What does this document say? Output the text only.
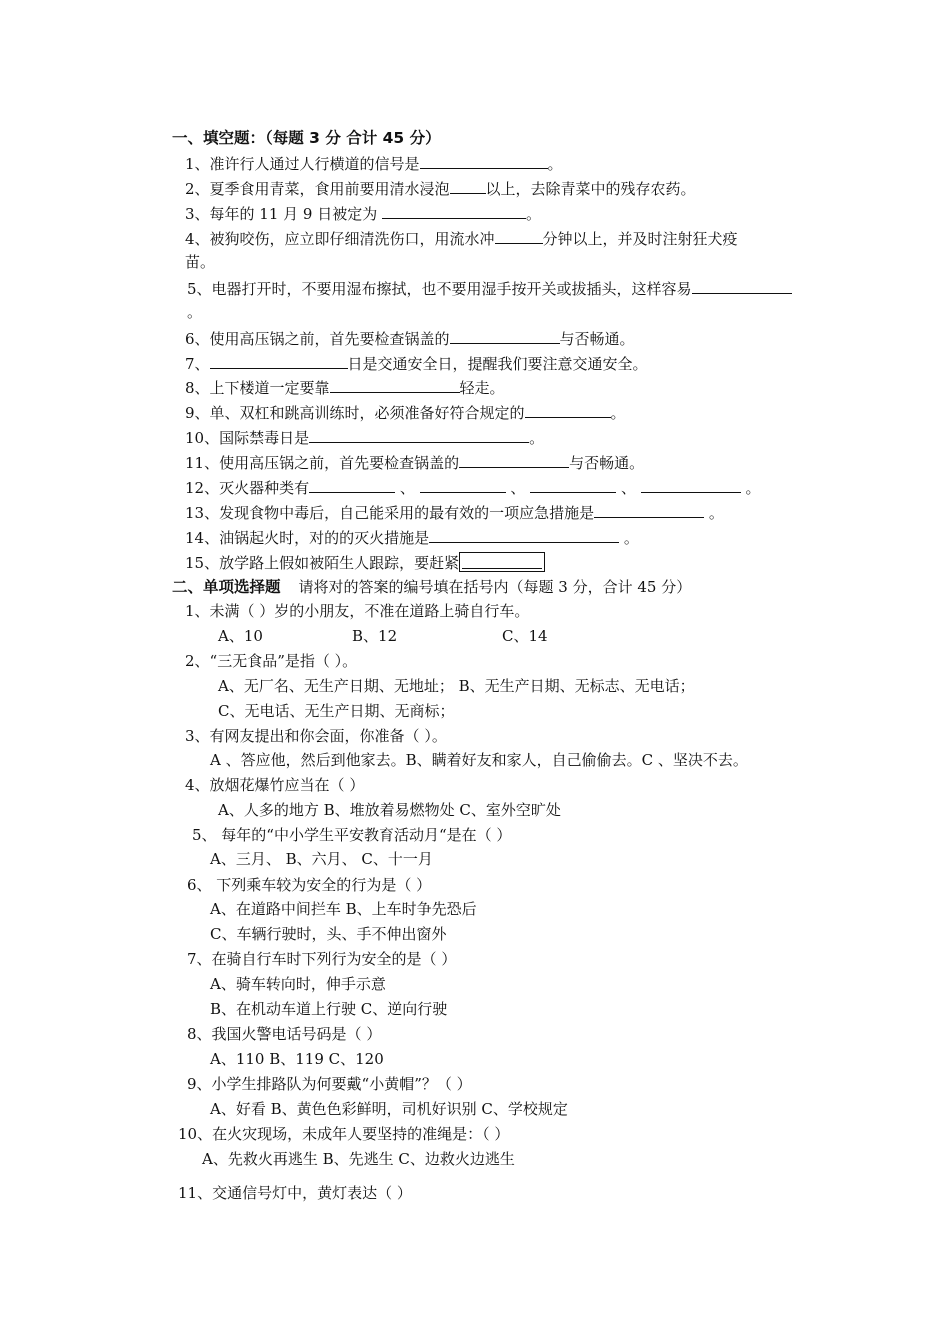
一、填空题：（每题 3 分 合计 45 分）
1、准许行人通过人行横道的信号是	。
2、夏季食用青菜，食用前要用清水浸泡 以上，去除青菜中的残存农药。
3、每年的 11 月 9 日被定为	。
4、被狗咬伤，应立即仔细清洗伤口，用流水冲	分钟以上，并及时注射狂犬疫
苗。
5、电器打开时，不要用湿布擦拭，也不要用湿手按开关或拔插头，这样容易
。
6、使用高压锅之前，首先要检查锅盖的	与否畅通。
7、	日是交通安全日，提醒我们要注意交通安全。
8、上下楼道一定要靠	轻走。
9、单、双杠和跳高训练时，必须准备好符合规定的	。
10、国际禁毒日是	。
11、使用高压锅之前，首先要检查锅盖的	与否畅通。
12、灭火器种类有	、	、	、	。
13、发现食物中毒后，自己能采用的最有效的一项应急措施是	。
14、油锅起火时，对的的灭火措施是	。
15、放学路上假如被陌生人跟踪，要赶紧
二、单项选择题 请将对的答案的编号填在括号内（每题 3 分，合计 45 分）
1、未满（ ）岁的小朋友，不准在道路上骑自行车。
A、10	B、12	C、14
2、“三无食品”是指（ ）。
A、无厂名、无生产日期、无地址； B、无生产日期、无标志、无电话；
C、无电话、无生产日期、无商标；
3、有网友提出和你会面，你准备（ ）。
A 、答应他，然后到他家去。B、瞒着好友和家人，自己偷偷去。C 、坚决不去。
4、放烟花爆竹应当在（ ）
A、人多的地方 B、堆放着易燃物处 C、室外空旷处
5、 每年的“中小学生平安教育活动月“是在（ ）
A、三月、 B、六月、 C、十一月
6、 下列乘车较为安全的行为是（ ）
A、在道路中间拦车 B、上车时争先恐后
C、车辆行驶时，头、手不伸出窗外
7、在骑自行车时下列行为安全的是（ ）
A、骑车转向时，伸手示意
B、在机动车道上行驶 C、逆向行驶
8、我国火警电话号码是（ ）
A、110 B、119 C、120
9、小学生排路队为何要戴“小黄帽”？（ ）
A、好看 B、黄色色彩鲜明，司机好识别 C、学校规定
10、在火灾现场，未成年人要坚持的准绳是：（ ）
A、先救火再逃生 B、先逃生 C、边救火边逃生
11、交通信号灯中，黄灯表达（ ）
